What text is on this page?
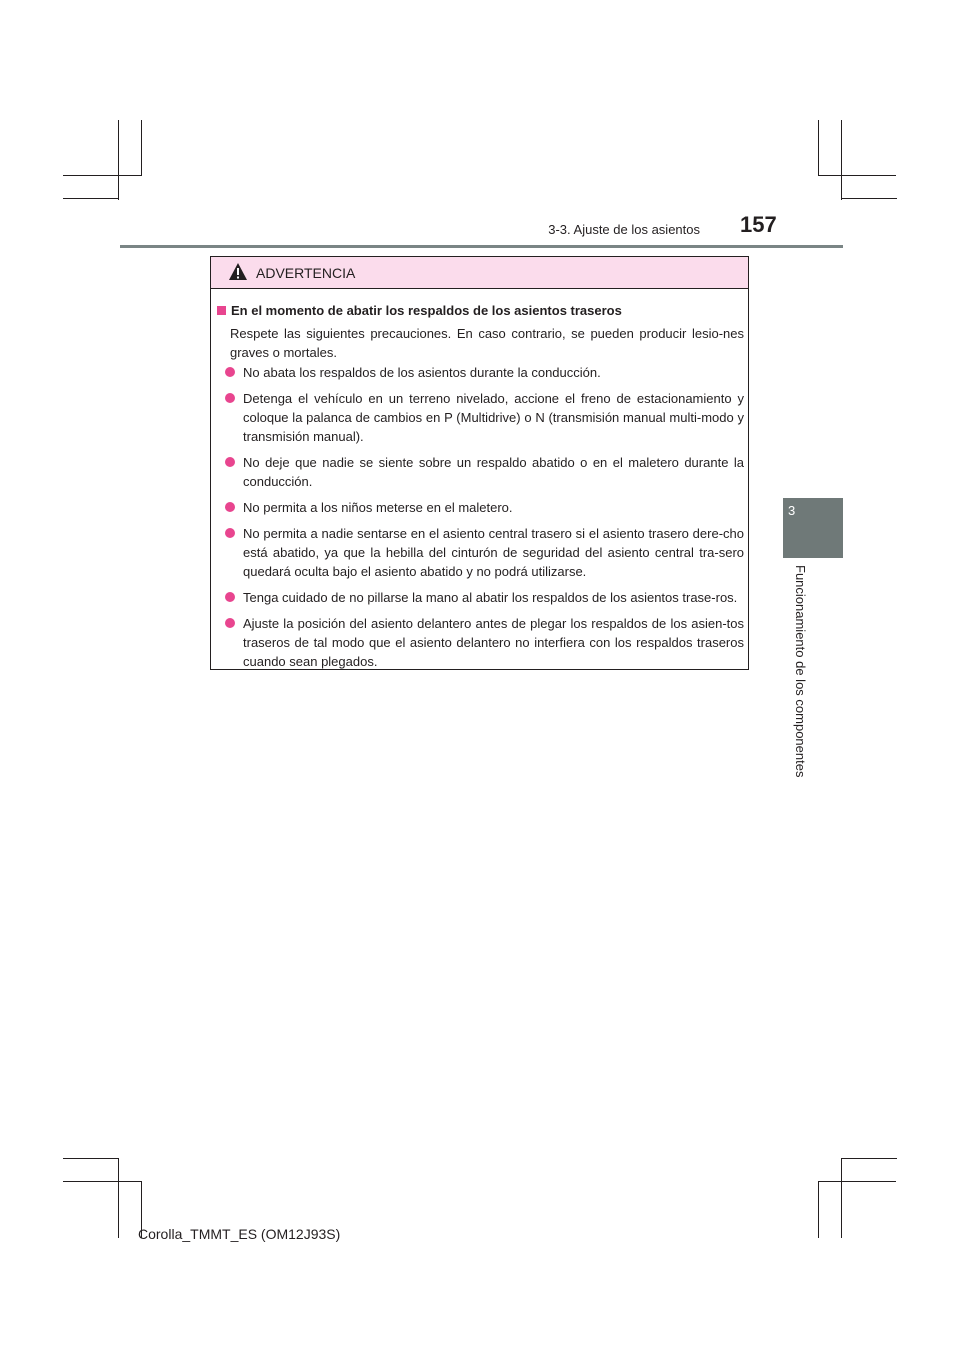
3-3. Ajuste de los asientos 157
3
Funcionamiento de los componentes
ADVERTENCIA
En el momento de abatir los respaldos de los asientos traseros
Respete las siguientes precauciones. En caso contrario, se pueden producir lesio-nes graves o mortales.
No abata los respaldos de los asientos durante la conducción.
Detenga el vehículo en un terreno nivelado, accione el freno de estacionamiento y coloque la palanca de cambios en P (Multidrive) o N (transmisión manual multi-modo y transmisión manual).
No deje que nadie se siente sobre un respaldo abatido o en el maletero durante la conducción.
No permita a los niños meterse en el maletero.
No permita a nadie sentarse en el asiento central trasero si el asiento trasero dere-cho está abatido, ya que la hebilla del cinturón de seguridad del asiento central tra-sero quedará oculta bajo el asiento abatido y no podrá utilizarse.
Tenga cuidado de no pillarse la mano al abatir los respaldos de los asientos trase-ros.
Ajuste la posición del asiento delantero antes de plegar los respaldos de los asien-tos traseros de tal modo que el asiento delantero no interfiera con los respaldos traseros cuando sean plegados.
Corolla_TMMT_ES (OM12J93S)
